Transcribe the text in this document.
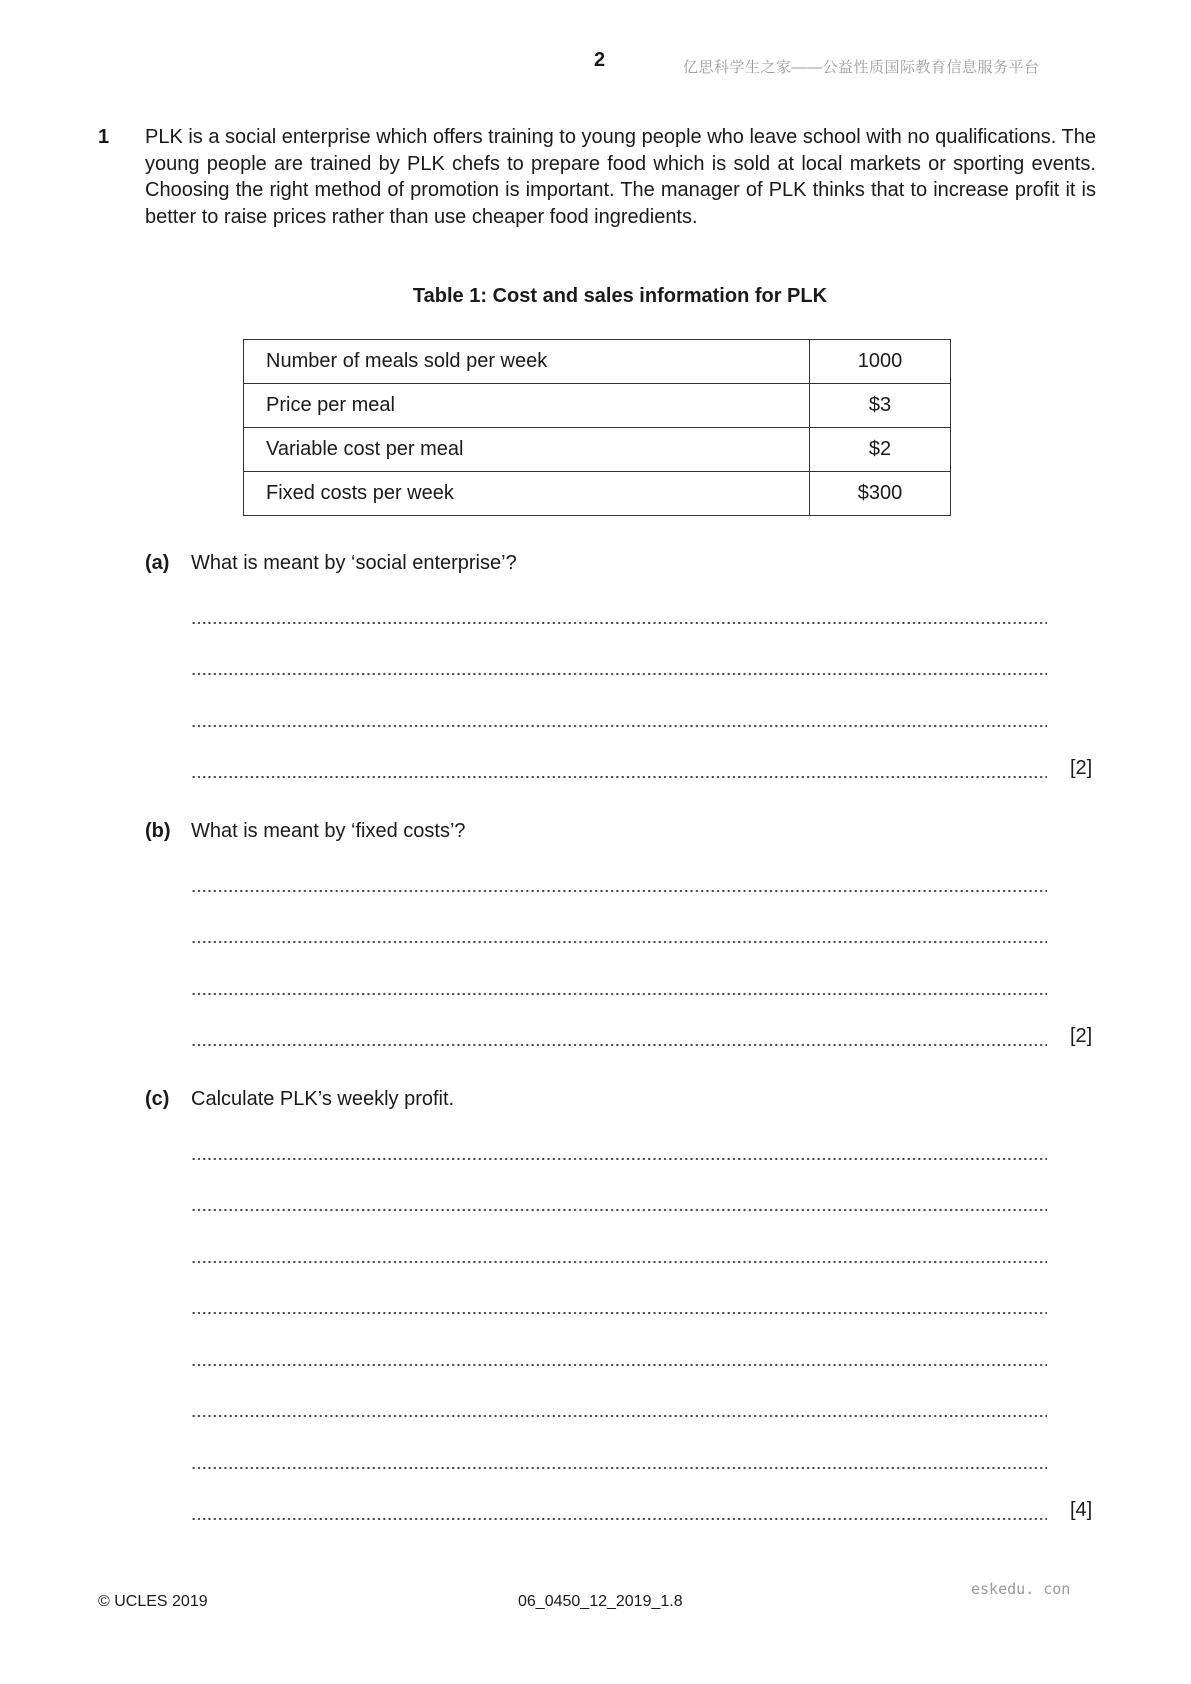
2	亿思科学生之家——公益性质国际教育信息服务平台
1 PLK is a social enterprise which offers training to young people who leave school with no qualifications. The young people are trained by PLK chefs to prepare food which is sold at local markets or sporting events. Choosing the right method of promotion is important. The manager of PLK thinks that to increase profit it is better to raise prices rather than use cheaper food ingredients.

Table 1: Cost and sales information for PLK
Number of meals sold per week	1000
Price per meal	$3
Variable cost per meal	$2
Fixed costs per week	$300
(a) What is meant by ‘social enterprise’?
[2]
(b) What is meant by ‘fixed costs’?
[2]
(c) Calculate PLK’s weekly profit.
[4]
© UCLES 2019	06_0450_12_2019_1.8
eskedu. con
